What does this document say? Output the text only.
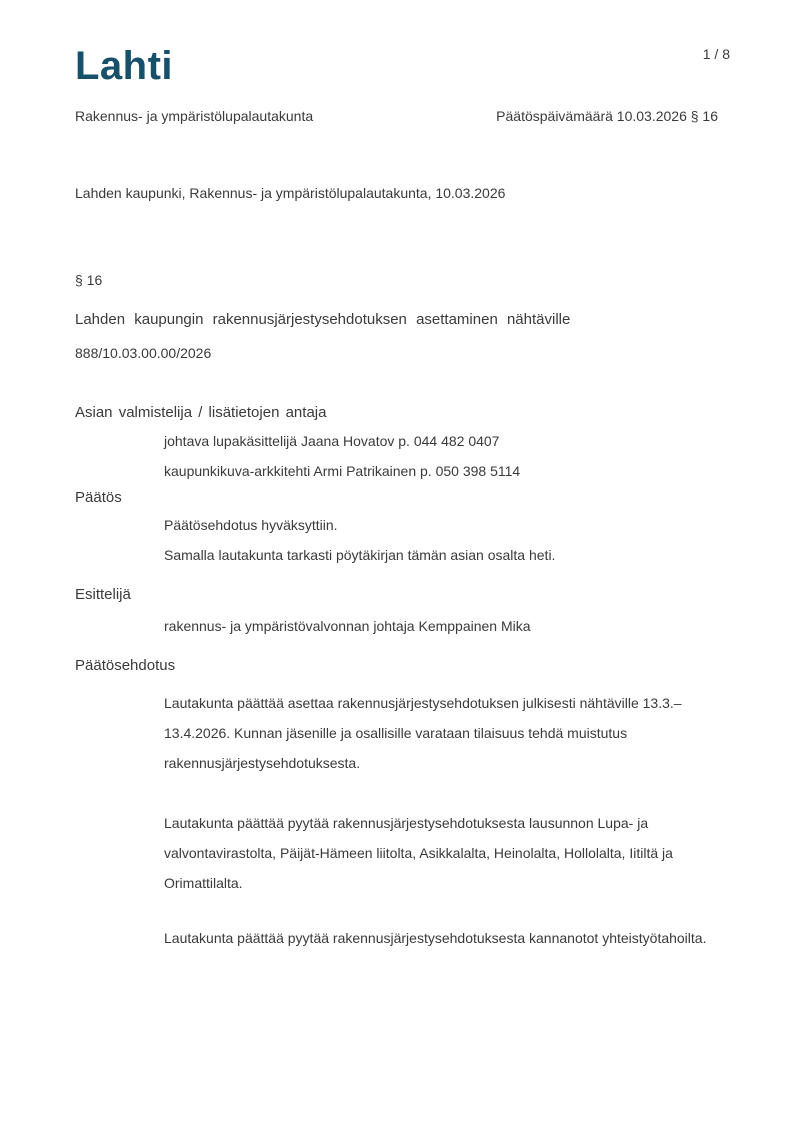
Lahti	1 / 8
Rakennus- ja ympäristölupalautakunta	Päätöspäivämäärä 10.03.2026 § 16
Lahden kaupunki, Rakennus- ja ympäristölupalautakunta, 10.03.2026
§ 16
Lahden kaupungin rakennusjärjestysehdotuksen asettaminen nähtäville
888/10.03.00.00/2026
Asian valmistelija / lisätietojen antaja
johtava lupakäsittelijä Jaana Hovatov p. 044 482 0407
kaupunkikuva-arkkitehti Armi Patrikainen p. 050 398 5114
Päätös
Päätösehdotus hyväksyttiin.
Samalla lautakunta tarkasti pöytäkirjan tämän asian osalta heti.
Esittelijä
rakennus- ja ympäristövalvonnan johtaja Kemppainen Mika
Päätösehdotus
Lautakunta päättää asettaa rakennusjärjestysehdotuksen julkisesti nähtäville 13.3.–13.4.2026. Kunnan jäsenille ja osallisille varataan tilaisuus tehdä muistutus rakennusjärjestysehdotuksesta.
Lautakunta päättää pyytää rakennusjärjestysehdotuksesta lausunnon Lupa- ja valvontavirastolta, Päijät-Hämeen liitolta, Asikkalalta, Heinolalta, Hollolalta, Iitiltä ja Orimattilalta.
Lautakunta päättää pyytää rakennusjärjestysehdotuksesta kannanotot yhteistyötahoilta.
